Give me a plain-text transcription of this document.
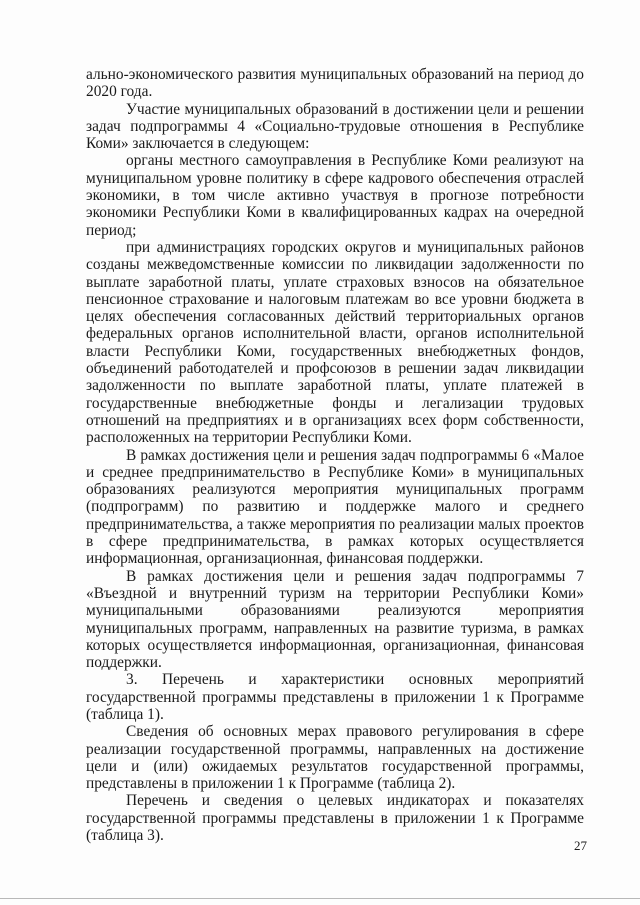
ально-экономического развития муниципальных образований на период до 2020 года.

Участие муниципальных образований в достижении цели и решении задач подпрограммы 4 «Социально-трудовые отношения в Республике Коми» заключается в следующем:

органы местного самоуправления в Республике Коми реализуют на муниципальном уровне политику в сфере кадрового обеспечения отраслей экономики, в том числе активно участвуя в прогнозе потребности экономики Республики Коми в квалифицированных кадрах на очередной период;

при администрациях городских округов и муниципальных районов созданы межведомственные комиссии по ликвидации задолженности по выплате заработной платы, уплате страховых взносов на обязательное пенсионное страхование и налоговым платежам во все уровни бюджета в целях обеспечения согласованных действий территориальных органов федеральных органов исполнительной власти, органов исполнительной власти Республики Коми, государственных внебюджетных фондов, объединений работодателей и профсоюзов в решении задач ликвидации задолженности по выплате заработной платы, уплате платежей в государственные внебюджетные фонды и легализации трудовых отношений на предприятиях и в организациях всех форм собственности, расположенных на территории Республики Коми.

В рамках достижения цели и решения задач подпрограммы 6 «Малое и среднее предпринимательство в Республике Коми» в муниципальных образованиях реализуются мероприятия муниципальных программ (подпрограмм) по развитию и поддержке малого и среднего предпринимательства, а также мероприятия по реализации малых проектов в сфере предпринимательства, в рамках которых осуществляется информационная, организационная, финансовая поддержки.

В рамках достижения цели и решения задач подпрограммы 7 «Въездной и внутренний туризм на территории Республики Коми» муниципальными образованиями реализуются мероприятия муниципальных программ, направленных на развитие туризма, в рамках которых осуществляется информационная, организационная, финансовая поддержки.

3. Перечень и характеристики основных мероприятий государственной программы представлены в приложении 1 к Программе (таблица 1).

Сведения об основных мерах правового регулирования в сфере реализации государственной программы, направленных на достижение цели и (или) ожидаемых результатов государственной программы, представлены в приложении 1 к Программе (таблица 2).

Перечень и сведения о целевых индикаторах и показателях государственной программы представлены в приложении 1 к Программе (таблица 3).

27
